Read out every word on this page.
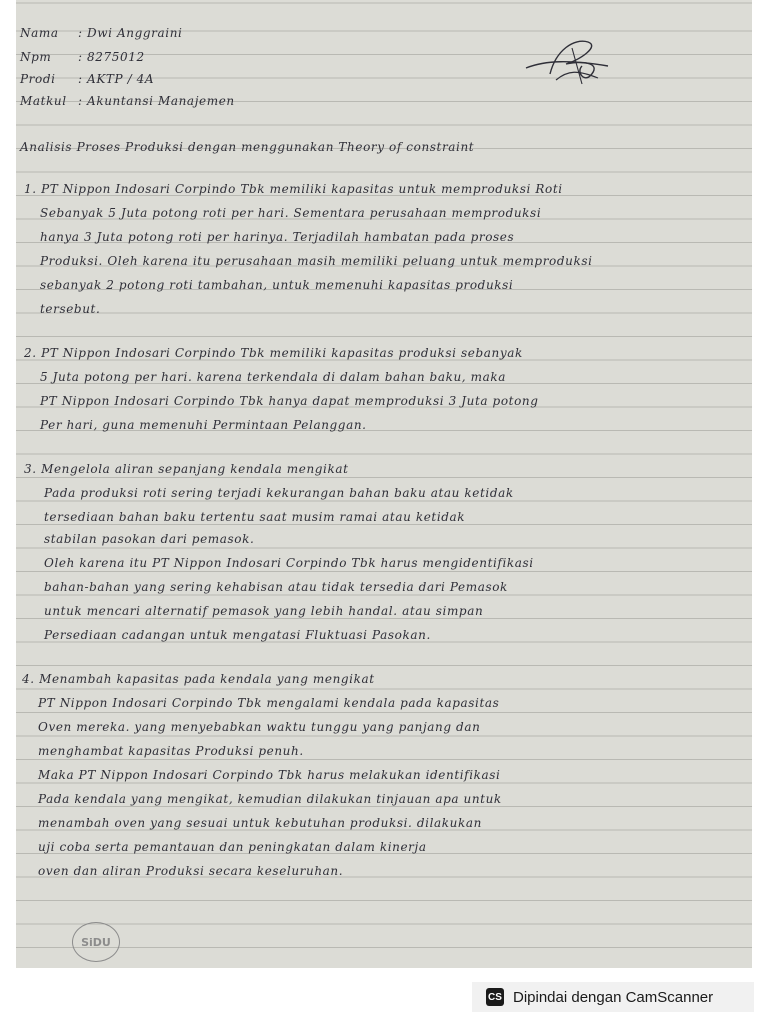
Nama : Dwi Anggraini
Npm : 8275012
Prodi : AKTP / 4A
Matkul : Akuntansi Manajemen
Analisis Proses Produksi dengan menggunakan Theory of constraint
1. PT Nippon Indosari Corpindo Tbk memiliki kapasitas untuk memproduksi Roti
Sebanyak 5 Juta potong roti per hari. Sementara perusahaan memproduksi
hanya 3 Juta potong roti per harinya. Terjadilah hambatan pada proses
Produksi. Oleh karena itu perusahaan masih memiliki peluang untuk memproduksi
sebanyak 2 potong roti tambahan, untuk memenuhi kapasitas produksi
tersebut.
2. PT Nippon Indosari Corpindo Tbk memiliki kapasitas produksi sebanyak
5 Juta potong per hari. karena terkendala di dalam bahan baku, maka
PT Nippon Indosari Corpindo Tbk hanya dapat memproduksi 3 Juta potong
Per hari, guna memenuhi Permintaan Pelanggan.
3. Mengelola aliran sepanjang kendala mengikat
Pada produksi roti sering terjadi kekurangan bahan baku atau ketidak
tersediaan bahan baku tertentu saat musim ramai atau ketidak
stabilan pasokan dari pemasok.
Oleh karena itu PT Nippon Indosari Corpindo Tbk harus mengidentifikasi
bahan-bahan yang sering kehabisan atau tidak tersedia dari Pemasok
untuk mencari alternatif pemasok yang lebih handal. atau simpan
Persediaan cadangan untuk mengatasi Fluktuasi Pasokan.
4. Menambah kapasitas pada kendala yang mengikat
PT Nippon Indosari Corpindo Tbk mengalami kendala pada kapasitas
Oven mereka. yang menyebabkan waktu tunggu yang panjang dan
menghambat kapasitas Produksi penuh.
Maka PT Nippon Indosari Corpindo Tbk harus melakukan identifikasi
Pada kendala yang mengikat, kemudian dilakukan tinjauan apa untuk
menambah oven yang sesuai untuk kebutuhan produksi. dilakukan
uji coba serta pemantauan dan peningkatan dalam kinerja
oven dan aliran Produksi secara keseluruhan.
SiDU
CS Dipindai dengan CamScanner
